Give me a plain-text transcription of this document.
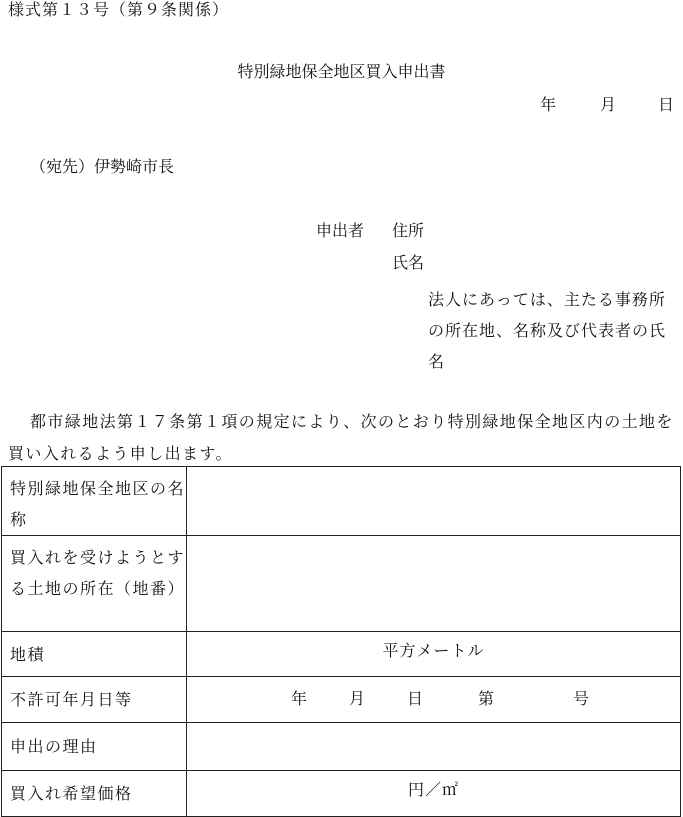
様式第１３号（第９条関係）
特別緑地保全地区買入申出書
年	月	日
（宛先）伊勢崎市長
申出者 住所
氏名
法人にあっては、主たる事務所の所在地、名称及び代表者の氏名
都市緑地法第１７条第１項の規定により、次のとおり特別緑地保全地区内の土地を買い入れるよう申し出ます。
特別緑地保全地区の名称	
買入れを受けようとする土地の所在（地番）	
地積	平方メートル

不許可年月日等	年 月 日 第 号

申出の理由	
買入れ希望価格	円／㎡
